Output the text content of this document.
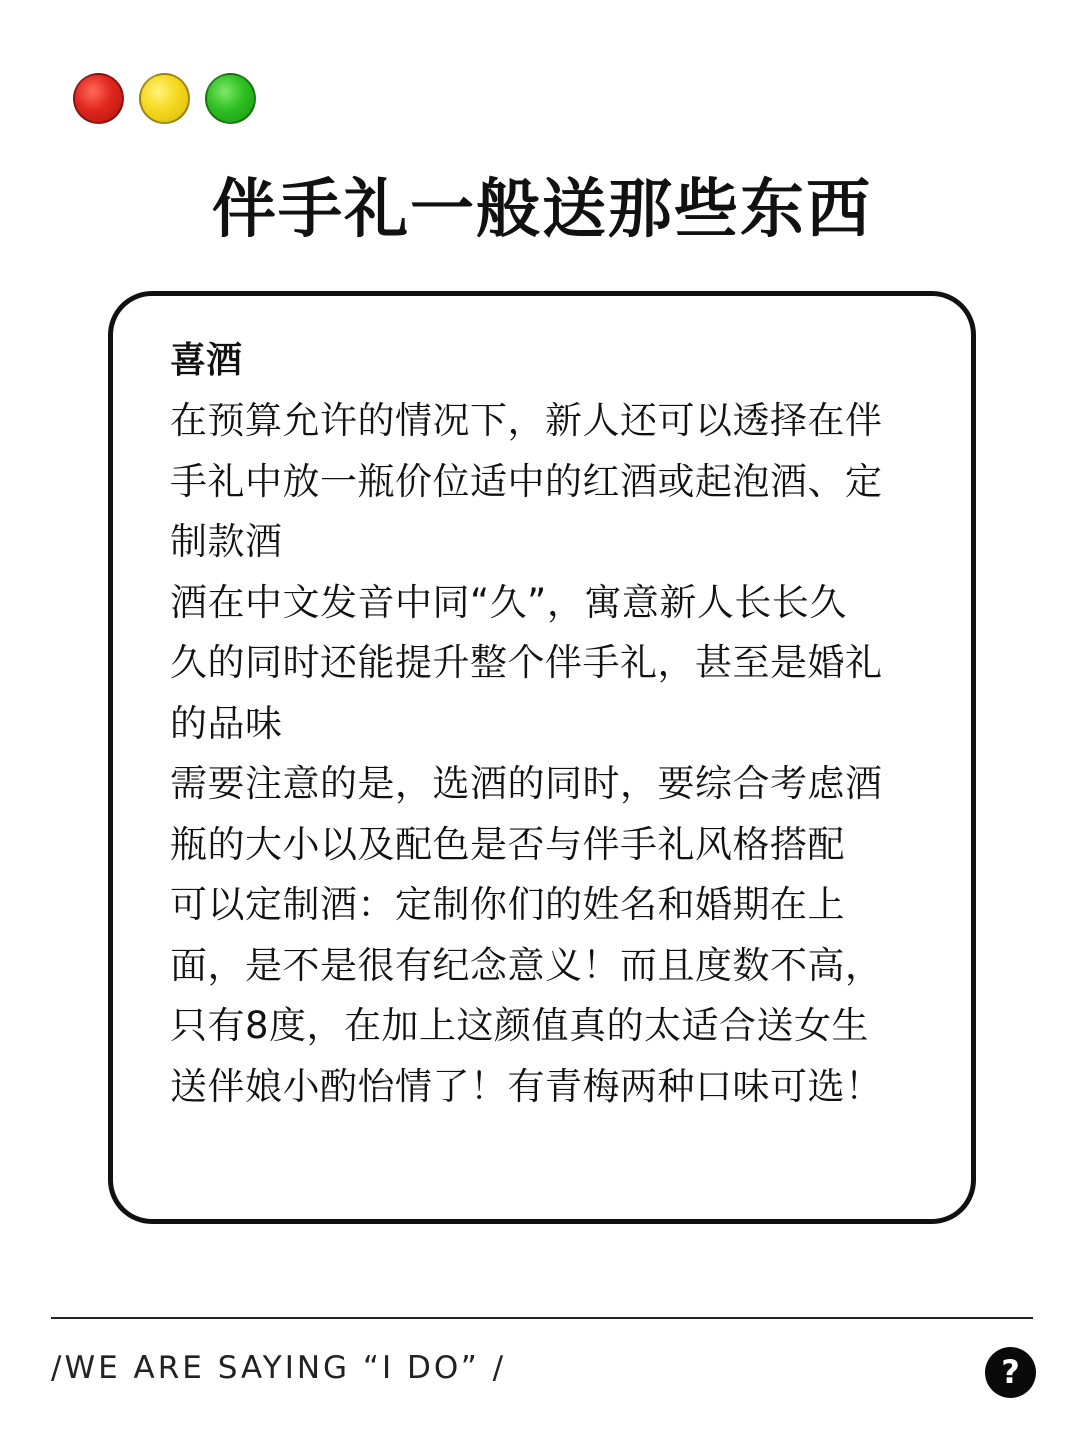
伴手礼一般送那些东西

喜酒

在预算允许的情况下，新人还可以透择在伴

手礼中放一瓶价位适中的红酒或起泡酒、定

制款酒

酒在中文发音中同“久”，寓意新人长长久

久的同时还能提升整个伴手礼，甚至是婚礼

的品味

需要注意的是，选酒的同时，要综合考虑酒

瓶的大小以及配色是否与伴手礼风格搭配

可以定制酒：定制你们的姓名和婚期在上

面，是不是很有纪念意义！而且度数不高，

只有8度，在加上这颜值真的太适合送女生

送伴娘小酌怡情了！有青梅两种口味可选！

/WE ARE SAYING “I DO” /	?
